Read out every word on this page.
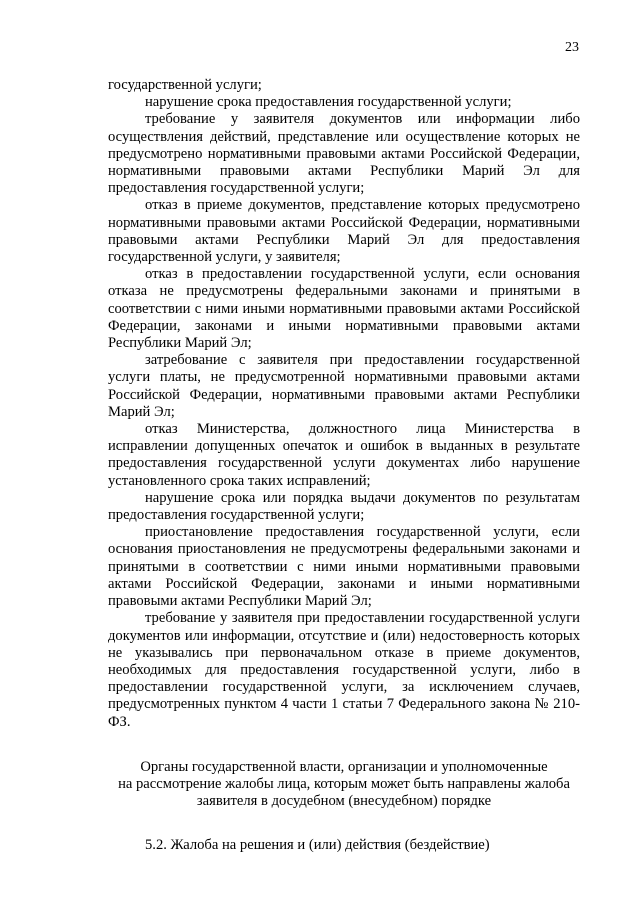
23

государственной услуги;

нарушение срока предоставления государственной услуги;

требование у заявителя документов или информации либо осуществления действий, представление или осуществление которых не предусмотрено нормативными правовыми актами Российской Федерации, нормативными правовыми актами Республики Марий Эл для предоставления государственной услуги;

отказ в приеме документов, представление которых предусмотрено нормативными правовыми актами Российской Федерации, нормативными правовыми актами Республики Марий Эл для предоставления государственной услуги, у заявителя;

отказ в предоставлении государственной услуги, если основания отказа не предусмотрены федеральными законами и принятыми в соответствии с ними иными нормативными правовыми актами Российской Федерации, законами и иными нормативными правовыми актами Республики Марий Эл;

затребование с заявителя при предоставлении государственной услуги платы, не предусмотренной нормативными правовыми актами Российской Федерации, нормативными правовыми актами Республики Марий Эл;

отказ Министерства, должностного лица Министерства в исправлении допущенных опечаток и ошибок в выданных в результате предоставления государственной услуги документах либо нарушение установленного срока таких исправлений;

нарушение срока или порядка выдачи документов по результатам предоставления государственной услуги;

приостановление предоставления государственной услуги, если основания приостановления не предусмотрены федеральными законами и принятыми в соответствии с ними иными нормативными правовыми актами Российской Федерации, законами и иными нормативными правовыми актами Республики Марий Эл;

требование у заявителя при предоставлении государственной услуги документов или информации, отсутствие и (или) недостоверность которых не указывались при первоначальном отказе в приеме документов, необходимых для предоставления государственной услуги, либо в предоставлении государственной услуги, за исключением случаев, предусмотренных пунктом 4 части 1 статьи 7 Федерального закона № 210-ФЗ.

Органы государственной власти, организации и уполномоченные
на рассмотрение жалобы лица, которым может быть направлены жалоба
заявителя в досудебном (внесудебном) порядке

5.2. Жалоба на решения и (или) действия (бездействие)
